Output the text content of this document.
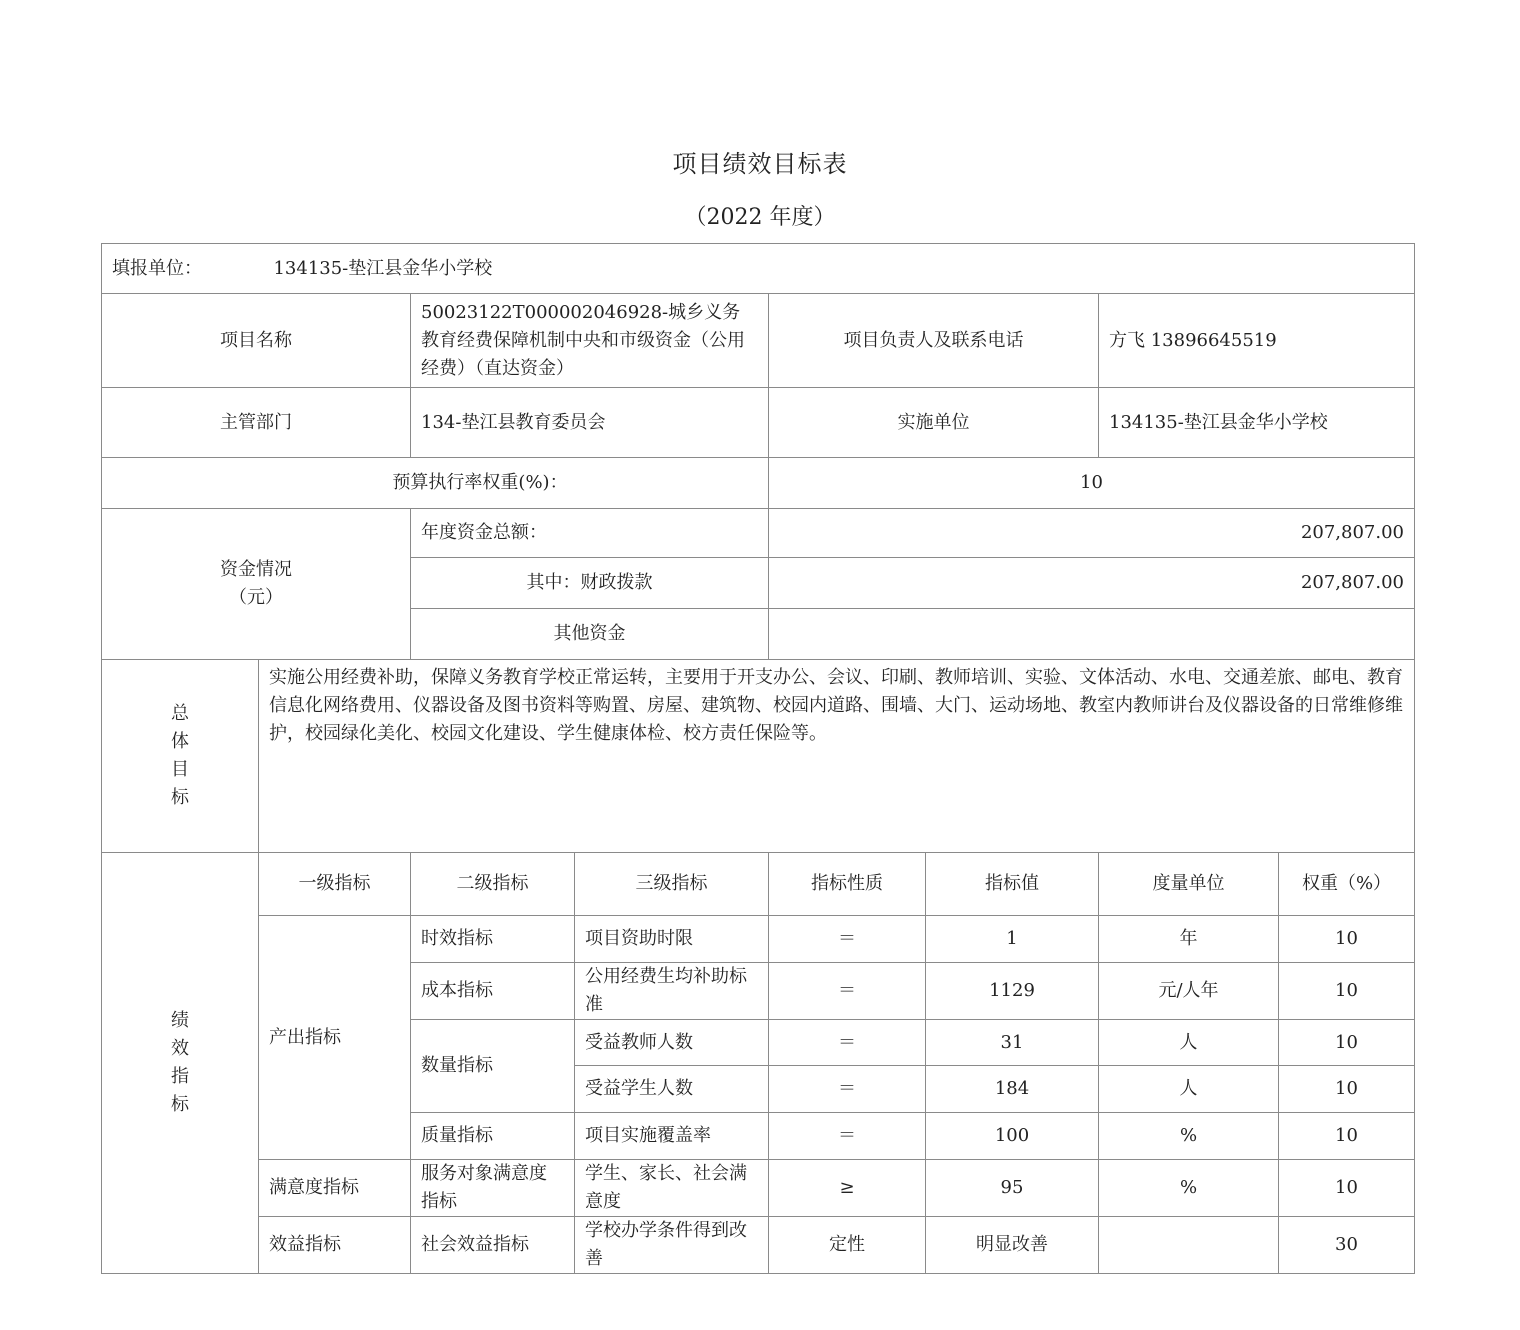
项目绩效目标表
（2022 年度）
填报单位： 134135-垫江县金华小学校							
项目名称		50023122T000002046928-城乡义务教育经费保障机制中央和市级资金（公用经费）（直达资金）		项目负责人及联系电话		方飞 13896645519	
主管部门		134-垫江县教育委员会		实施单位		134135-垫江县金华小学校	
预算执行率权重(%)：				10			

资金情况
（元）		年度资金总额：		207,807.00			
		其中：财政拨款		207,807.00			
		其他资金					

总
体
目
标	实施公用经费补助，保障义务教育学校正常运转，主要用于开支办公、会议、印刷、教师培训、实验、文体活动、水电、交通差旅、邮电、教育信息化网络费用、仪器设备及图书资料等购置、房屋、建筑物、校园内道路、围墙、大门、运动场地、教室内教师讲台及仪器设备的日常维修维护，校园绿化美化、校园文化建设、学生健康体检、校方责任保险等。						

绩
效
指
标	一级指标	二级指标	三级指标	指标性质	指标值	度量单位	权重（%）
	产出指标	时效指标	项目资助时限	＝	1	年	10
		成本指标	公用经费生均补助标准	＝	1129	元/人年	10
		数量指标	受益教师人数	＝	31	人	10
			受益学生人数	＝	184	人	10
		质量指标	项目实施覆盖率	＝	100	%	10
	满意度指标	服务对象满意度指标	学生、家长、社会满意度	≥	95	%	10
	效益指标	社会效益指标	学校办学条件得到改善	定性	明显改善		30
